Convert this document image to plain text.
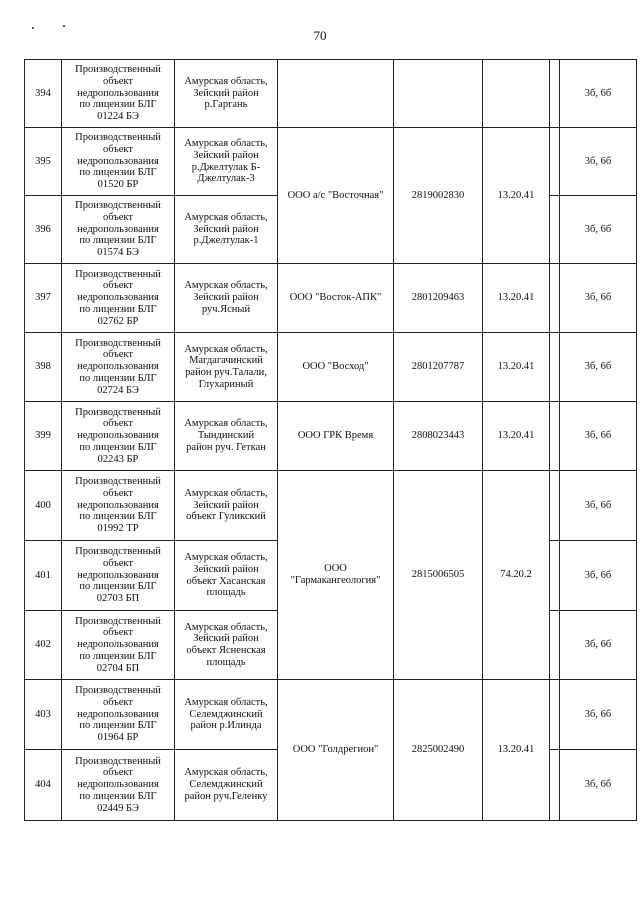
70
394	Производственный
объект
недропользования
по лицензии БЛГ
01224 БЭ	Амурская область,
Зейский район
р.Гаргань					3б, 6б
395	Производственный
объект
недропользования
по лицензии БЛГ
01520 БР	Амурская область,
Зейский район
р.Джелтулак Б-
Джелтулак-3	ООО а/с "Восточная"	2819002830	13.20.41		3б, 6б
396	Производственный
объект
недропользования
по лицензии БЛГ
01574 БЭ	Амурская область,
Зейский район
р.Джелтулак-1					3б, 6б
397	Производственный
объект
недропользования
по лицензии БЛГ
02762 БР	Амурская область,
Зейский район
руч.Ясный	ООО "Восток-АПК"	2801209463	13.20.41		3б, 6б
398	Производственный
объект
недропользования
по лицензии БЛГ
02724 БЭ	Амурская область,
Магдагачинский
район руч.Талали,
Глухариный	ООО "Восход"	2801207787	13.20.41		3б, 6б
399	Производственный
объект
недропользования
по лицензии БЛГ
02243 БР	Амурская область,
Тындинский
район руч. Геткан	ООО ГРК Время	2808023443	13.20.41		3б, 6б
400	Производственный
объект
недропользования
по лицензии БЛГ
01992 ТР	Амурская область,
Зейский район
объект Гуликский	ООО
"Гармакангеология"	2815006505	74.20.2		3б, 6б
401	Производственный
объект
недропользования
по лицензии БЛГ
02703 БП	Амурская область,
Зейский район
объект Хасанская
площадь					3б, 6б
402	Производственный
объект
недропользования
по лицензии БЛГ
02704 БП	Амурская область,
Зейский район
объект Ясненская
площадь					3б, 6б
403	Производственный
объект
недропользования
по лицензии БЛГ
01964 БР	Амурская область,
Селемджинский
район р.Илинда	ООО "Голдрегион"	2825002490	13.20.41		3б, 6б
404	Производственный
объект
недропользования
по лицензии БЛГ
02449 БЭ	Амурская область,
Селемджинский
район руч.Геленку					3б, 6б
